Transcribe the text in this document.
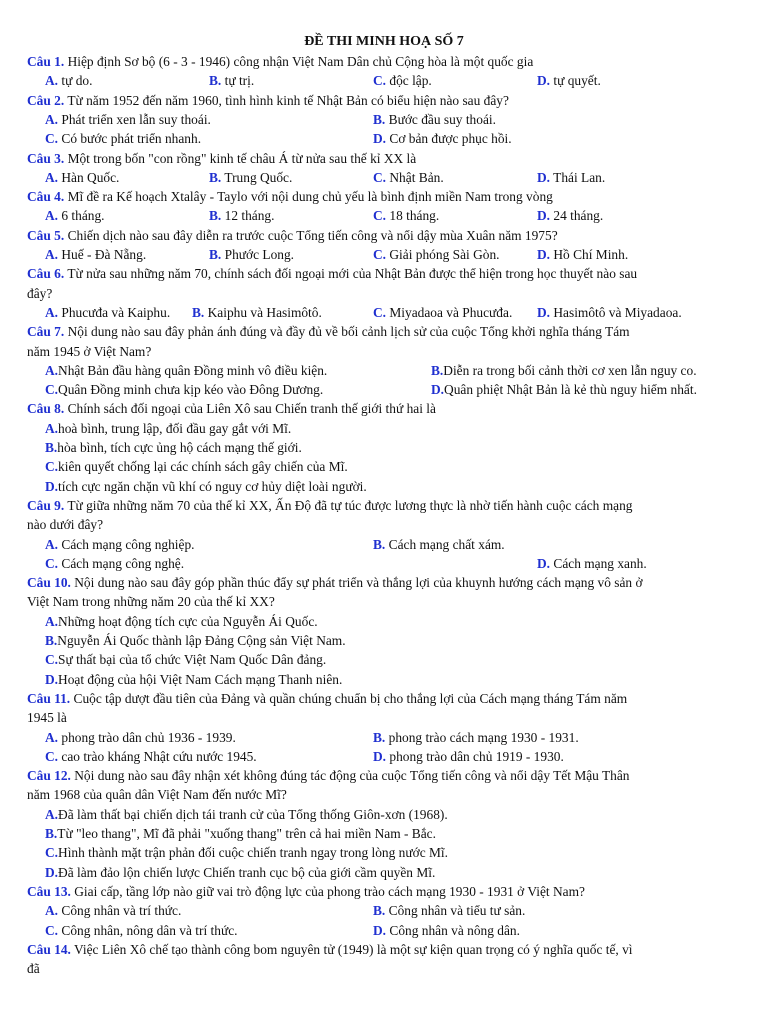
ĐỀ THI MINH HOẠ SỐ 7
Câu 1. Hiệp định Sơ bộ (6 - 3 - 1946) công nhận Việt Nam Dân chủ Cộng hòa là một quốc gia
A. tự do.	B. tự trị.	C. độc lập.	D. tự quyết.
Câu 2. Từ năm 1952 đến năm 1960, tình hình kinh tế Nhật Bản có biểu hiện nào sau đây?
A. Phát triển xen lẫn suy thoái.	B. Bước đầu suy thoái.
C. Có bước phát triển nhanh.	D. Cơ bản được phục hồi.
Câu 3. Một trong bốn "con rồng" kinh tế châu Á từ nửa sau thế kỉ XX là
A. Hàn Quốc.	B. Trung Quốc.	C. Nhật Bản.	D. Thái Lan.
Câu 4. Mĩ đề ra Kế hoạch Xtalây - Taylo với nội dung chủ yếu là bình định miền Nam trong vòng
A. 6 tháng.	B. 12 tháng.	C. 18 tháng.	D. 24 tháng.
Câu 5. Chiến dịch nào sau đây diễn ra trước cuộc Tổng tiến công và nổi dậy mùa Xuân năm 1975?
A. Huế - Đà Nẵng.	B. Phước Long.	C. Giải phóng Sài Gòn.	D. Hồ Chí Minh.
Câu 6. Từ nửa sau những năm 70, chính sách đối ngoại mới của Nhật Bản được thể hiện trong học thuyết nào sau
đây?
A. Phucưđa và Kaiphu. B. Kaiphu và Hasimôtô.	C. Miyadaoa và Phucưđa. D. Hasimôtô và Miyadaoa.
Câu 7. Nội dung nào sau đây phản ánh đúng và đầy đủ về bối cảnh lịch sử của cuộc Tổng khởi nghĩa tháng Tám
năm 1945 ở Việt Nam?
A.Nhật Bản đầu hàng quân Đồng minh vô điều kiện.	B.Diễn ra trong bối cảnh thời cơ xen lẫn nguy co.
C.Quân Đồng minh chưa kịp kéo vào Đông Dương.	D.Quân phiệt Nhật Bản là kẻ thù nguy hiểm nhất.
Câu 8. Chính sách đối ngoại của Liên Xô sau Chiến tranh thế giới thứ hai là
A.hoà bình, trung lập, đối đầu gay gắt với Mĩ.
B.hòa bình, tích cực ủng hộ cách mạng thế giới.
C.kiên quyết chống lại các chính sách gây chiến của Mĩ.
D.tích cực ngăn chặn vũ khí có nguy cơ hủy diệt loài người.
Câu 9. Từ giữa những năm 70 của thế kỉ XX, Ấn Độ đã tự túc được lương thực là nhờ tiến hành cuộc cách mạng
nào dưới đây?
A. Cách mạng công nghiệp.	B. Cách mạng chất xám.
C. Cách mạng công nghệ.	D. Cách mạng xanh.
Câu 10. Nội dung nào sau đây góp phần thúc đẩy sự phát triển và thắng lợi của khuynh hướng cách mạng vô sản ở
Việt Nam trong những năm 20 của thế kỉ XX?
A.Những hoạt động tích cực của Nguyễn Ái Quốc.
B.Nguyễn Ái Quốc thành lập Đảng Cộng sản Việt Nam.
C.Sự thất bại của tổ chức Việt Nam Quốc Dân đảng.
D.Hoạt động của hội Việt Nam Cách mạng Thanh niên.
Câu 11. Cuộc tập dượt đầu tiên của Đảng và quần chúng chuẩn bị cho thắng lợi của Cách mạng tháng Tám năm
1945 là
A. phong trào dân chủ 1936 - 1939.	B. phong trào cách mạng 1930 - 1931.
C. cao trào kháng Nhật cứu nước 1945.	D. phong trào dân chủ 1919 - 1930.
Câu 12. Nội dung nào sau đây nhận xét không đúng tác động của cuộc Tổng tiến công và nổi dậy Tết Mậu Thân
năm 1968 của quân dân Việt Nam đến nước Mĩ?
A.Đã làm thất bại chiến dịch tái tranh cử của Tổng thống Giôn-xơn (1968).
B.Từ "leo thang", Mĩ đã phải "xuống thang" trên cả hai miền Nam - Bắc.
C.Hình thành mặt trận phản đối cuộc chiến tranh ngay trong lòng nước Mĩ.
D.Đã làm đảo lộn chiến lược Chiến tranh cục bộ của giới cầm quyền Mĩ.
Câu 13. Giai cấp, tầng lớp nào giữ vai trò động lực của phong trào cách mạng 1930 - 1931 ở Việt Nam?
A. Công nhân và trí thức.	B. Công nhân và tiểu tư sản.
C. Công nhân, nông dân và trí thức.	D. Công nhân và nông dân.
Câu 14. Việc Liên Xô chế tạo thành công bom nguyên tử (1949) là một sự kiện quan trọng có ý nghĩa quốc tế, vì
đã
